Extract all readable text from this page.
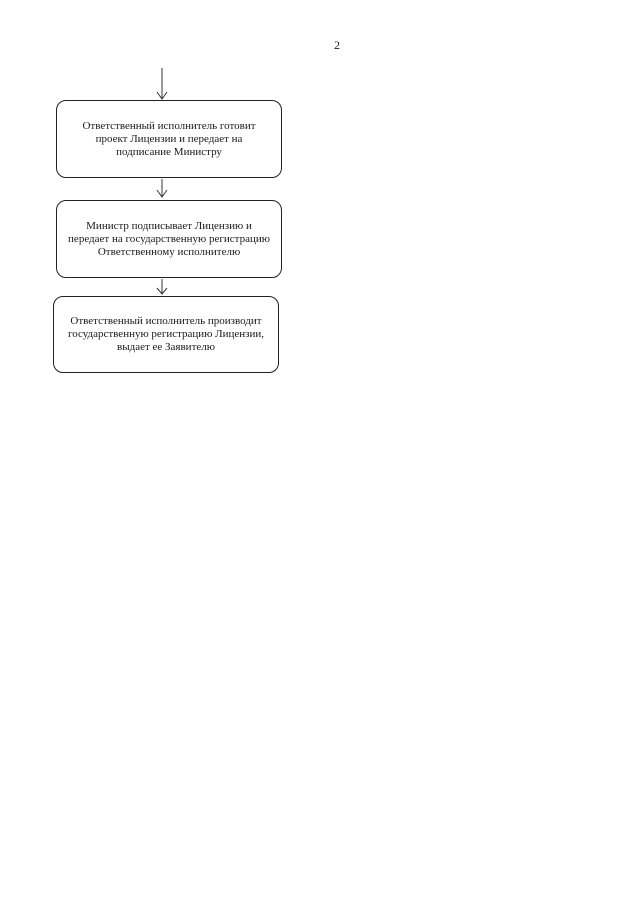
2
Ответственный исполнитель готовит проект Лицензии и передает на подписание Министру
Министр подписывает Лицензию и передает на государственную регистрацию Ответственному исполнителю
Ответственный исполнитель производит государственную регистрацию Лицензии, выдает ее Заявителю
